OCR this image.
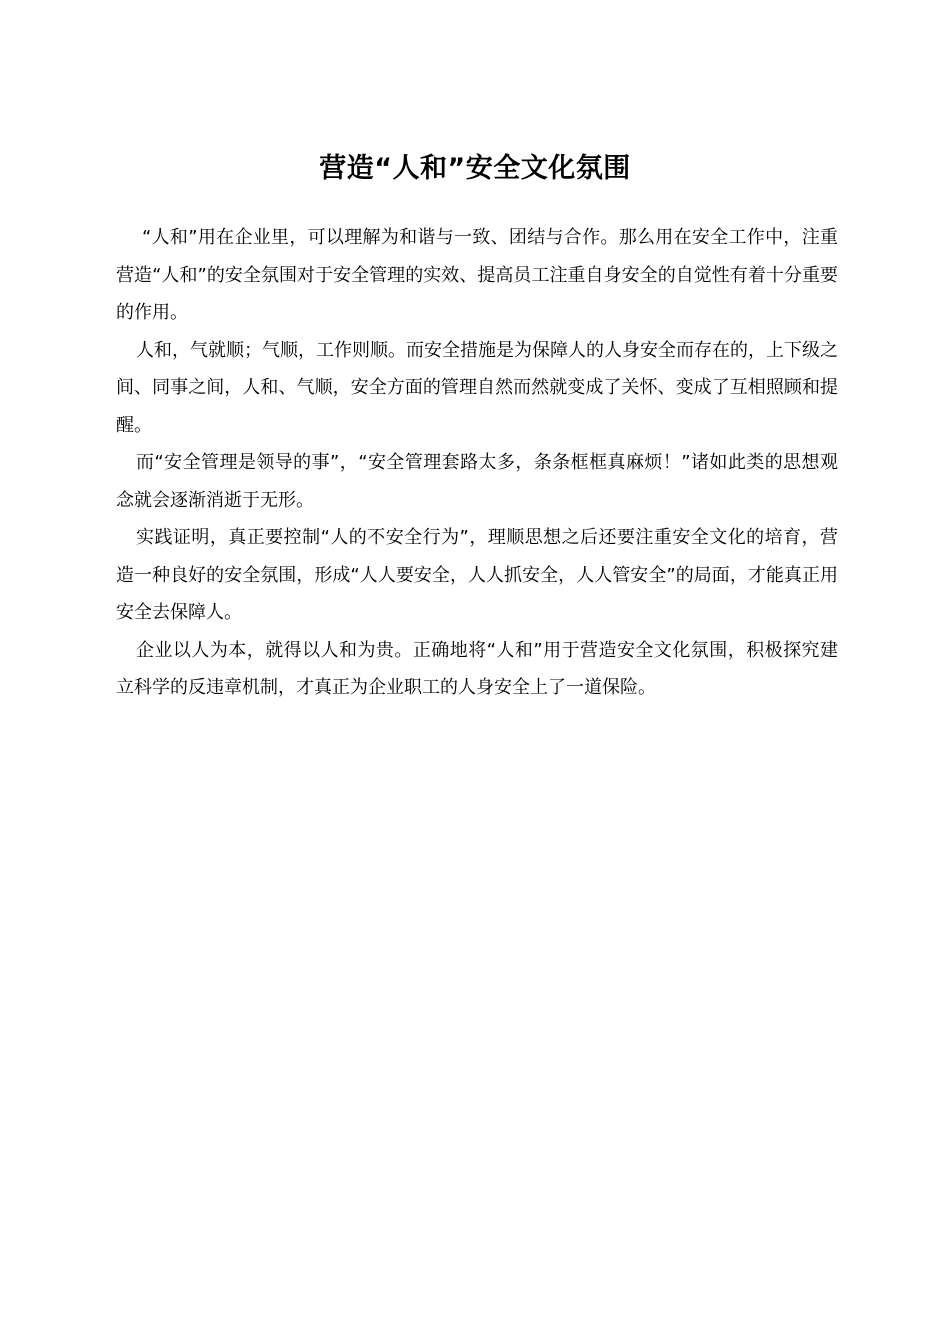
营造“人和”安全文化氛围

“人和”用在企业里，可以理解为和谐与一致、团结与合作。那么用在安全工作中，注重营造“人和”的安全氛围对于安全管理的实效、提高员工注重自身安全的自觉性有着十分重要的作用。

人和，气就顺；气顺，工作则顺。而安全措施是为保障人的人身安全而存在的，上下级之间、同事之间，人和、气顺，安全方面的管理自然而然就变成了关怀、变成了互相照顾和提醒。

而“安全管理是领导的事”，“安全管理套路太多，条条框框真麻烦！”诸如此类的思想观念就会逐渐消逝于无形。

实践证明，真正要控制“人的不安全行为”，理顺思想之后还要注重安全文化的培育，营造一种良好的安全氛围，形成“人人要安全，人人抓安全，人人管安全”的局面，才能真正用安全去保障人。

企业以人为本，就得以人和为贵。正确地将“人和”用于营造安全文化氛围，积极探究建立科学的反违章机制，才真正为企业职工的人身安全上了一道保险。
